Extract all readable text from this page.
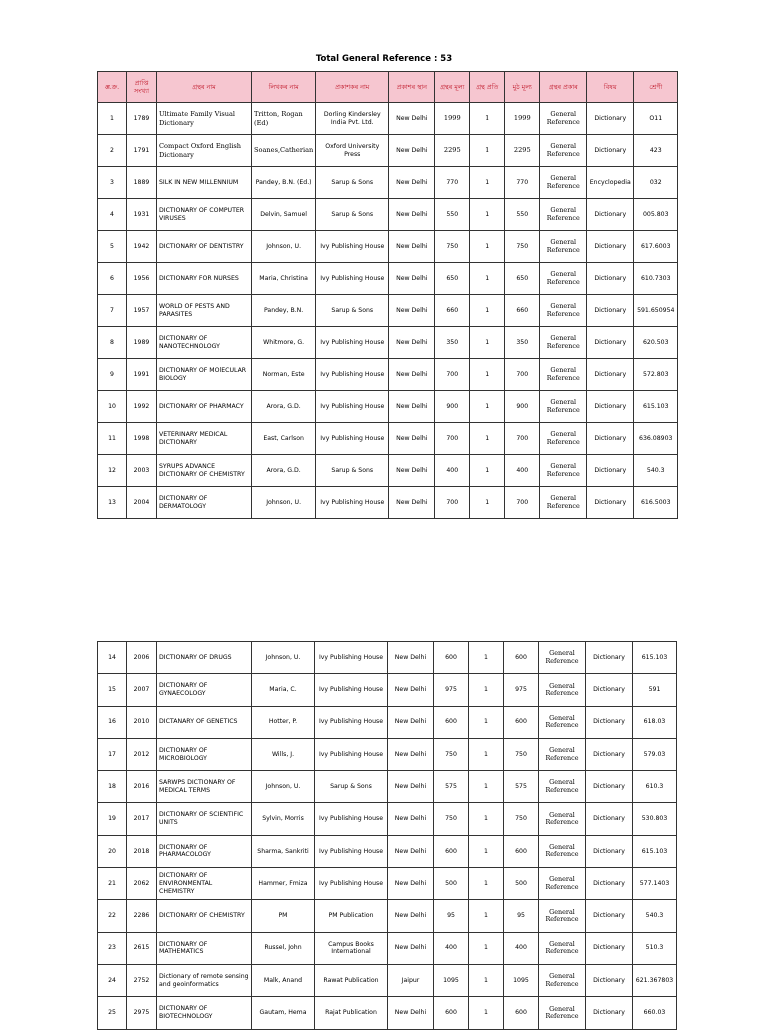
Total General Reference : 53
अ.ক্র.	প্রাপ্তি সংখ্যা	গ্ৰন্থৰ নাম	লিখকৰ নাম	প্ৰকাশকৰ নাম	প্ৰকাশৰ স্থান	গ্ৰন্থৰ মূল্য	গ্ৰন্থ প্ৰতি	মুঠ মূল্য	গ্ৰন্থৰ প্ৰকাৰ	বিষয়	শ্রেণী
1	1789	Ultimate Family Visual Dictionary	Tritton, Rogan (Ed)	Dorling Kindersley India Pvt. Ltd.	New Delhi	1999	1	1999	General Reference	Dictionary	O11
2	1791	Compact Oxford English Dictionary	Soanes,Catherian	Oxford University Press	New Delhi	2295	1	2295	General Reference	Dictionary	423
3	1889	SILK IN NEW MILLENNIUM	Pandey, B.N. (Ed.)	Sarup & Sons	New Delhi	770	1	770	General Reference	Encyclopedia	032
4	1931	DICTIONARY OF COMPUTER VIRUSES	Delvin, Samuel	Sarup & Sons	New Delhi	550	1	550	General Reference	Dictionary	005.803
5	1942	DICTIONARY OF DENTISTRY	Johnson, U.	Ivy Publishing House	New Delhi	750	1	750	General Reference	Dictionary	617.6003
6	1956	DICTIONARY FOR NURSES	Maria, Christina	Ivy Publishing House	New Delhi	650	1	650	General Reference	Dictionary	610.7303
7	1957	WORLD OF PESTS AND PARASITES	Pandey, B.N.	Sarup & Sons	New Delhi	660	1	660	General Reference	Dictionary	591.650954
8	1989	DICTIONARY OF NANOTECHNOLOGY	Whitmore, G.	Ivy Publishing House	New Delhi	350	1	350	General Reference	Dictionary	620.503
9	1991	DICTIONARY OF MOlECULAR BIOLOGY	Norman, Este	Ivy Publishing House	New Delhi	700	1	700	General Reference	Dictionary	572.803
10	1992	DICTIONARY OF PHARMACY	Arora, G.D.	Ivy Publishing House	New Delhi	900	1	900	General Reference	Dictionary	615.103
11	1998	VETERINARY MEDICAL DICTIONARY	East, Carlson	Ivy Publishing House	New Delhi	700	1	700	General Reference	Dictionary	636.08903
12	2003	SYRUPS ADVANCE DICTIONARY OF CHEMISTRY	Arora, G.D.	Sarup & Sons	New Delhi	400	1	400	General Reference	Dictionary	540.3
13	2004	DICTIONARY OF DERMATOLOGY	Johnson, U.	Ivy Publishing House	New Delhi	700	1	700	General Reference	Dictionary	616.5003
14	2006	DICTIONARY OF DRUGS	Johnson, U.	Ivy Publishing House	New Delhi	600	1	600	General Reference	Dictionary	615.103
15	2007	DICTIONARY OF GYNAECOLOGY	Maria, C.	Ivy Publishing House	New Delhi	975	1	975	General Reference	Dictionary	591
16	2010	DICTANARY OF GENETICS	Hotter, P.	Ivy Publishing House	New Delhi	600	1	600	General Reference	Dictionary	618.03
17	2012	DICTIONARY OF MICROBIOLOGY	Wills, J.	Ivy Publishing House	New Delhi	750	1	750	General Reference	Dictionary	579.03
18	2016	SARWPS DICTIONARY OF MEDICAL TERMS	Johnson, U.	Sarup & Sons	New Delhi	575	1	575	General Reference	Dictionary	610.3
19	2017	DICTIONARY OF SCIENTIFIC UNITS	Sylvin, Morris	Ivy Publishing House	New Delhi	750	1	750	General Reference	Dictionary	530.803
20	2018	DICTIONARY OF PHARMACOLOGY	Sharma, Sankriti	Ivy Publishing House	New Delhi	600	1	600	General Reference	Dictionary	615.103
21	2062	DICTIONARY OF ENVIRONMENTAL CHEMISTRY	Hammer, Fmiza	Ivy Publishing House	New Delhi	500	1	500	General Reference	Dictionary	577.1403
22	2286	DICTIONARY OF CHEMISTRY	PM	PM Publication	New Delhi	95	1	95	General Reference	Dictionary	540.3
23	2615	DICTIONARY OF MATHEMATICS	Russel, John	Campus Books International	New Delhi	400	1	400	General Reference	Dictionary	510.3
24	2752	Dictionary of remote sensing and geoinformatics	Malk, Anand	Rawat Publication	Jaipur	1095	1	1095	General Reference	Dictionary	621.367803
25	2975	DICTIONARY OF BIOTECHNOLOGY	Gautam, Hema	Rajat Publication	New Delhi	600	1	600	General Reference	Dictionary	660.03
